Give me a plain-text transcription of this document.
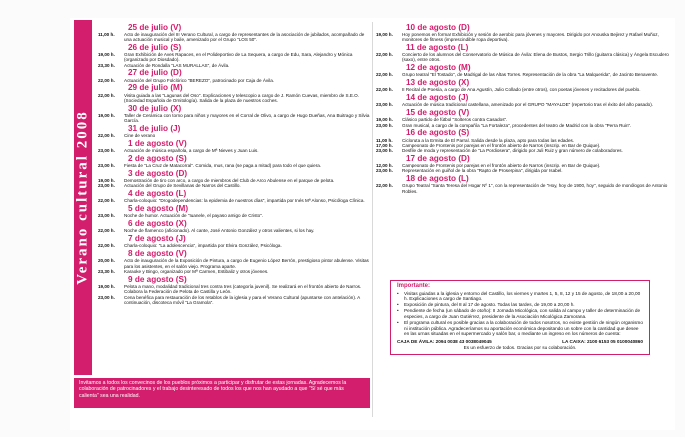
·
Verano cultural 2008
25 de julio (V)
11,00 h.	Acto de inauguración del III Verano Cultural, a cargo de representantes de la asociación de jubilados, acompañado de una actuación musical y baile, amenizado por el Grupo "LOS 50".
26 de julio (S)
19,00 h.	Gran Exhibición de Aves Rapaces, en el Polideportivo de La Sequera, a cargo de Edu, Sara, Alejandro y Mónica (organizado por Diosdado).
23,30 h.	Actuación de Rondalla "LAS MURALLAS", de Ávila.
27 de julio (D)
22,00 h.	Actuación del Grupo Folclórico "BEREZO", patrocinado por Caja de Ávila.
29 de julio (M)
22,00 h.	Visita guiada a las "Lagunas del Oso". Explicaciones y telescopio a cargo de J. Ramón Cuevas, miembro de S.E.O. (Sociedad Española de Ornitología). Salida de la plaza de nuestros coches.
30 de julio (X)
19,00 h.	Taller de Cerámica con torno para niños y mayores en el Corral de Olivo, a cargo de Hugo Dueñas, Ana Buitrago y Silvia García.
31 de julio (J)
22,00 h.	Cine de verano
1 de agosto (V)
23,00 h.	Actuación de música española, a cargo de Mª Nieves y Juan Luis.
2 de agosto (S)
23,00 h.	Fiesta de "La Cruz de Matacorral". Comida, mus, rana (se paga a mitad) para todo el que quiera.
3 de agosto (D)
19,00 h.	Demostración de tiro con arco, a cargo de miembros del Club de Arco Abulense en el parque de pelota.
23,00 h.	Actuación del Grupo de Sevillanas de Narros del Castillo.
4 de agosto (L)
22,00 h.	Charla-coloquio: "Drogodependencias: la epidemia de nuestros días", impartida por Inés Mª Alonso, Psicóloga Clínica.
5 de agosto (M)
23,00 h.	Noche de humor. Actuación de "Iuanele, el payaso amigo de Cristo".
6 de agosto (X)
22,00 h.	Noche de flamenco (aficionado). Al cante, José Antonio González y otros valientes, si los hay.
7 de agosto (J)
22,00 h.	Charla-coloquio: "La adolescencia", impartida por Elvira González, Psicóloga.
8 de agosto (V)
20,00 h.	Acto de inauguración de la Exposición de Pintura, a cargo de Eugenio López Berrón, prestigioso pintor abulense. Visitas para los asistentes, en el salón viejo. Programa aparte.
23,30 h.	Karaoke y Bingo, organizado por Mª Carmen, Estibaliz y otros jóvenes.
9 de agosto (S)
19,00 h.	Pelota a mano, modalidad tradicional tres contra tres (categoría juvenil). Se realizará en el frontón abierto de Narros. Colabora la Federación de Pelota de Castilla y León.
23,00 h.	Cena benéfica para restauración de los retablos de la iglesia y para el Verano Cultural (apuntarse con antelación). A continuación, discoteca móvil "La Gramola".
10 de agosto (D)
19,00 h.	Hoy ponemos en forma! Exhibición y sesión de aerobic para jóvenes y mayores. Dirigido por Anouska Bejirez y Rafael Muñoz, monitores de fitness (imprescindible ropa deportiva).
11 de agosto (L)
22,00 h.	Concierto de los alumnos del Conservatorio de Música de Ávila: Elena de Bustos, Sergio Trillo (guitarra clásica) y Ángela Escudero (saxo), entre otros.
12 de agosto (M)
22,00 h.	Grupo teatral "El Tostado", de Madrigal de las Altas Torres. Representación de la obra "La Malquerida", de Jacinto Benavente.
13 de agosto (X)
22,00 h.	II Recital de Poesía, a cargo de Ana Agustín, Julio Collado (entre otros), con poetas jóvenes y recitadores del pueblo.
14 de agosto (J)
23,00 h.	Actuación de música tradicional castellana, amenizado por el GRUPO "MAYALDE" (repertorio tras el éxito del año pasado).
15 de agosto (V)
19,00 h.	Clásico partido de fútbol "Solteros contra Casados".
23,00 h.	Gran musical, a cargo de la compañía "La Fortaleza", procedentes del teatro de Madrid con la obra "Perra Ruin".
16 de agosto (S)
11,00 h.	Cicloruta a la Ermita de El Parral. Salida desde la plaza, apto para todas las edades.
17,00 h.	Campeonato de Frontenis por parejas en el frontón abierto de Narros (inscrip. en Bar de Quique).
23,00 h.	Desfile de moda y representación de "La Pordiosera", dirigido por Juli Ruiz y gran número de colaboradores.
17 de agosto (D)
12,00 h.	Campeonato de Frontenis por parejas en el frontón abierto de Narros (inscrip. en Bar de Quique).
23,00 h.	Representación en guiñol de la obra "Rapto de Proserpina", dirigida por Isabel.
18 de agosto (L)
22,00 h.	Grupo Teatral "Santa Teresa del Hogar Nº 1", con la representación de "Hoy, hoy de 1900, hoy", seguido de monólogos de Antonio Robles.
Invitamos a todos los convecinos de los pueblos próximos a participar y disfrutar de estas jornadas. Agradecemos la colaboración de patrocinadores y el trabajo desinteresado de todos los que nos han ayudado a que "Sí sé que más calienta" sea una realidad.
Importante:
•	Visitas guiadas a la iglesia y entorno del Castillo, los viernes y martes 1, 5, 8, 12 y 15 de agosto, de 18,00 a 20,00 h. Explicaciones a cargo de Santiago.
•	Exposición de pintura, del 8 al 17 de agosto. Todas las tardes, de 19,00 a 20,00 h.
•	Pendiente de fecha (un sábado de otoño): II Jornada Micológica, con salida al campo y taller de determinación de especies, a cargo de Juan Gutiérrez, presidente de la Asociación Micológica Zamorana.
•	El programa cultural es posible gracias a la colaboración de todos nosotros, no existe gestión de ningún organismo ni institución pública. Agradeceríamos su aportación económica depositando un sobre con la cantidad que desee en las urnas situadas en el supermercado y salón bar, o mediante un ingreso en los números de cuenta:
CAJA DE ÁVILA: 2094 0038 43 0038049045	LA CAIXA: 2100 6153 05 0100040860
Es un esfuerzo de todos. Gracias por su colaboración.
